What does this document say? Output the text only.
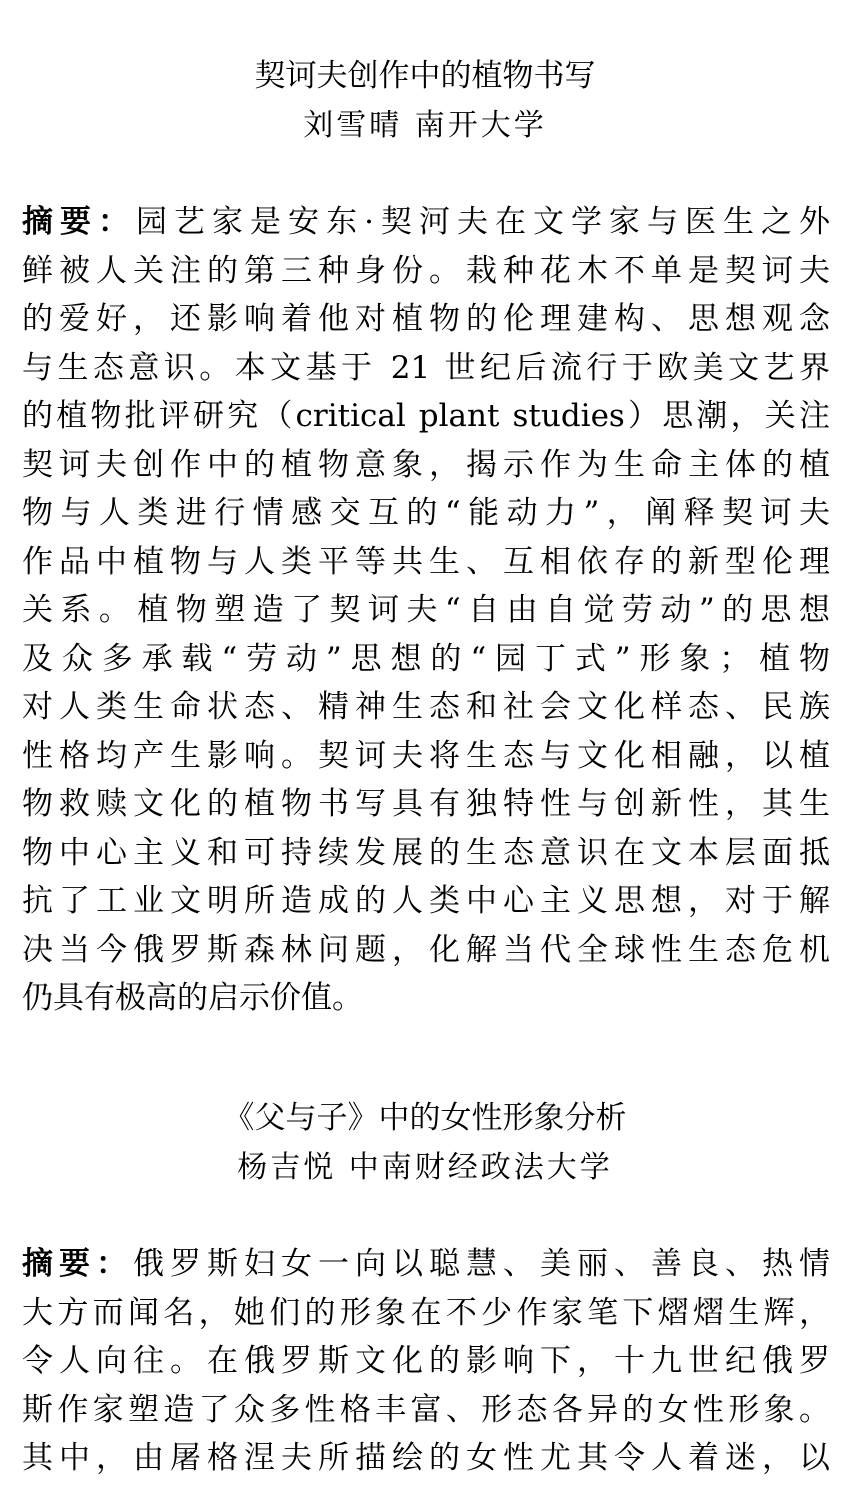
契诃夫创作中的植物书写
刘雪晴 南开大学
摘要：园艺家是安东·契河夫在文学家与医生之外
鲜被人关注的第三种身份。栽种花木不单是契诃夫
的爱好，还影响着他对植物的伦理建构、思想观念
与生态意识。本文基于 21 世纪后流行于欧美文艺界
的植物批评研究（critical plant studies）思潮，关注
契诃夫创作中的植物意象，揭示作为生命主体的植
物与人类进行情感交互的“能动力”，阐释契诃夫
作品中植物与人类平等共生、互相依存的新型伦理
关系。植物塑造了契诃夫“自由自觉劳动”的思想
及众多承载“劳动”思想的“园丁式”形象；植物
对人类生命状态、精神生态和社会文化样态、民族
性格均产生影响。契诃夫将生态与文化相融，以植
物救赎文化的植物书写具有独特性与创新性，其生
物中心主义和可持续发展的生态意识在文本层面抵
抗了工业文明所造成的人类中心主义思想，对于解
决当今俄罗斯森林问题，化解当代全球性生态危机
仍具有极高的启示价值。
《父与子》中的女性形象分析
杨吉悦 中南财经政法大学
摘要：俄罗斯妇女一向以聪慧、美丽、善良、热情
大方而闻名，她们的形象在不少作家笔下熠熠生辉，
令人向往。在俄罗斯文化的影响下，十九世纪俄罗
斯作家塑造了众多性格丰富、形态各异的女性形象。
其中，由屠格涅夫所描绘的女性尤其令人着迷，以
